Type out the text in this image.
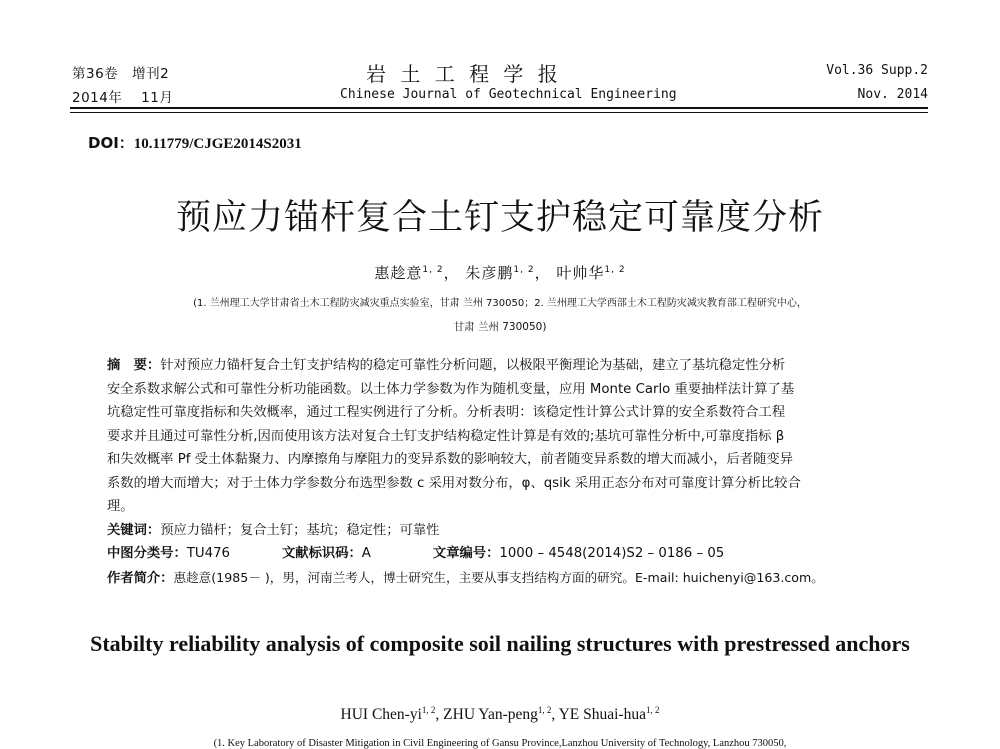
第36卷　增刊2
2014年　 11月
岩 土 工 程 学 报
Chinese Journal of Geotechnical Engineering
Vol.36 Supp.2
Nov. 2014
DOI：10.11779/CJGE2014S2031
预应力锚杆复合土钉支护稳定可靠度分析
惠趁意$^{1, 2}$， 朱彦鹏$^{1, 2}$， 叶帅华$^{1, 2}$
(1. 兰州理工大学甘肃省土木工程防灾减灾重点实验室，甘肃 兰州 730050；2. 兰州理工大学西部土木工程防灾减灾教育部工程研究中心，
甘肃 兰州 730050)

摘　要：针对预应力锚杆复合土钉支护结构的稳定可靠性分析问题，以极限平衡理论为基础，建立了基坑稳定性分析

安全系数求解公式和可靠性分析功能函数。以土体力学参数为作为随机变量，应用 Monte Carlo 重要抽样法计算了基

坑稳定性可靠度指标和失效概率，通过工程实例进行了分析。分析表明：该稳定性计算公式计算的安全系数符合工程

要求并且通过可靠性分析,因而使用该方法对复合土钉支护结构稳定性计算是有效的;基坑可靠性分析中,可靠度指标 β

和失效概率 Pf 受土体黏聚力、内摩擦角与摩阻力的变异系数的影响较大，前者随变异系数的增大而减小，后者随变异

系数的增大而增大；对于土体力学参数分布选型参数 c 采用对数分布，φ、qsik 采用正态分布对可靠度计算分析比较合

理。

关键词：预应力锚杆；复合土钉；基坑；稳定性；可靠性

中图分类号：TU476	文献标识码：A	文章编号：1000 – 4548(2014)S2 – 0186 – 05

作者简介：惠趁意(1985－ )，男，河南兰考人，博士研究生，主要从事支挡结构方面的研究。E-mail: huichenyi@163.com。

Stabilty reliability analysis of composite soil nailing structures with prestressed anchors
HUI Chen-yi$^{1, 2}$, ZHU Yan-peng$^{1, 2}$, YE Shuai-hua$^{1, 2}$
(1. Key Laboratory of Disaster Mitigation in Civil Engineering of Gansu Province,Lanzhou University of Technology, Lanzhou 730050,
